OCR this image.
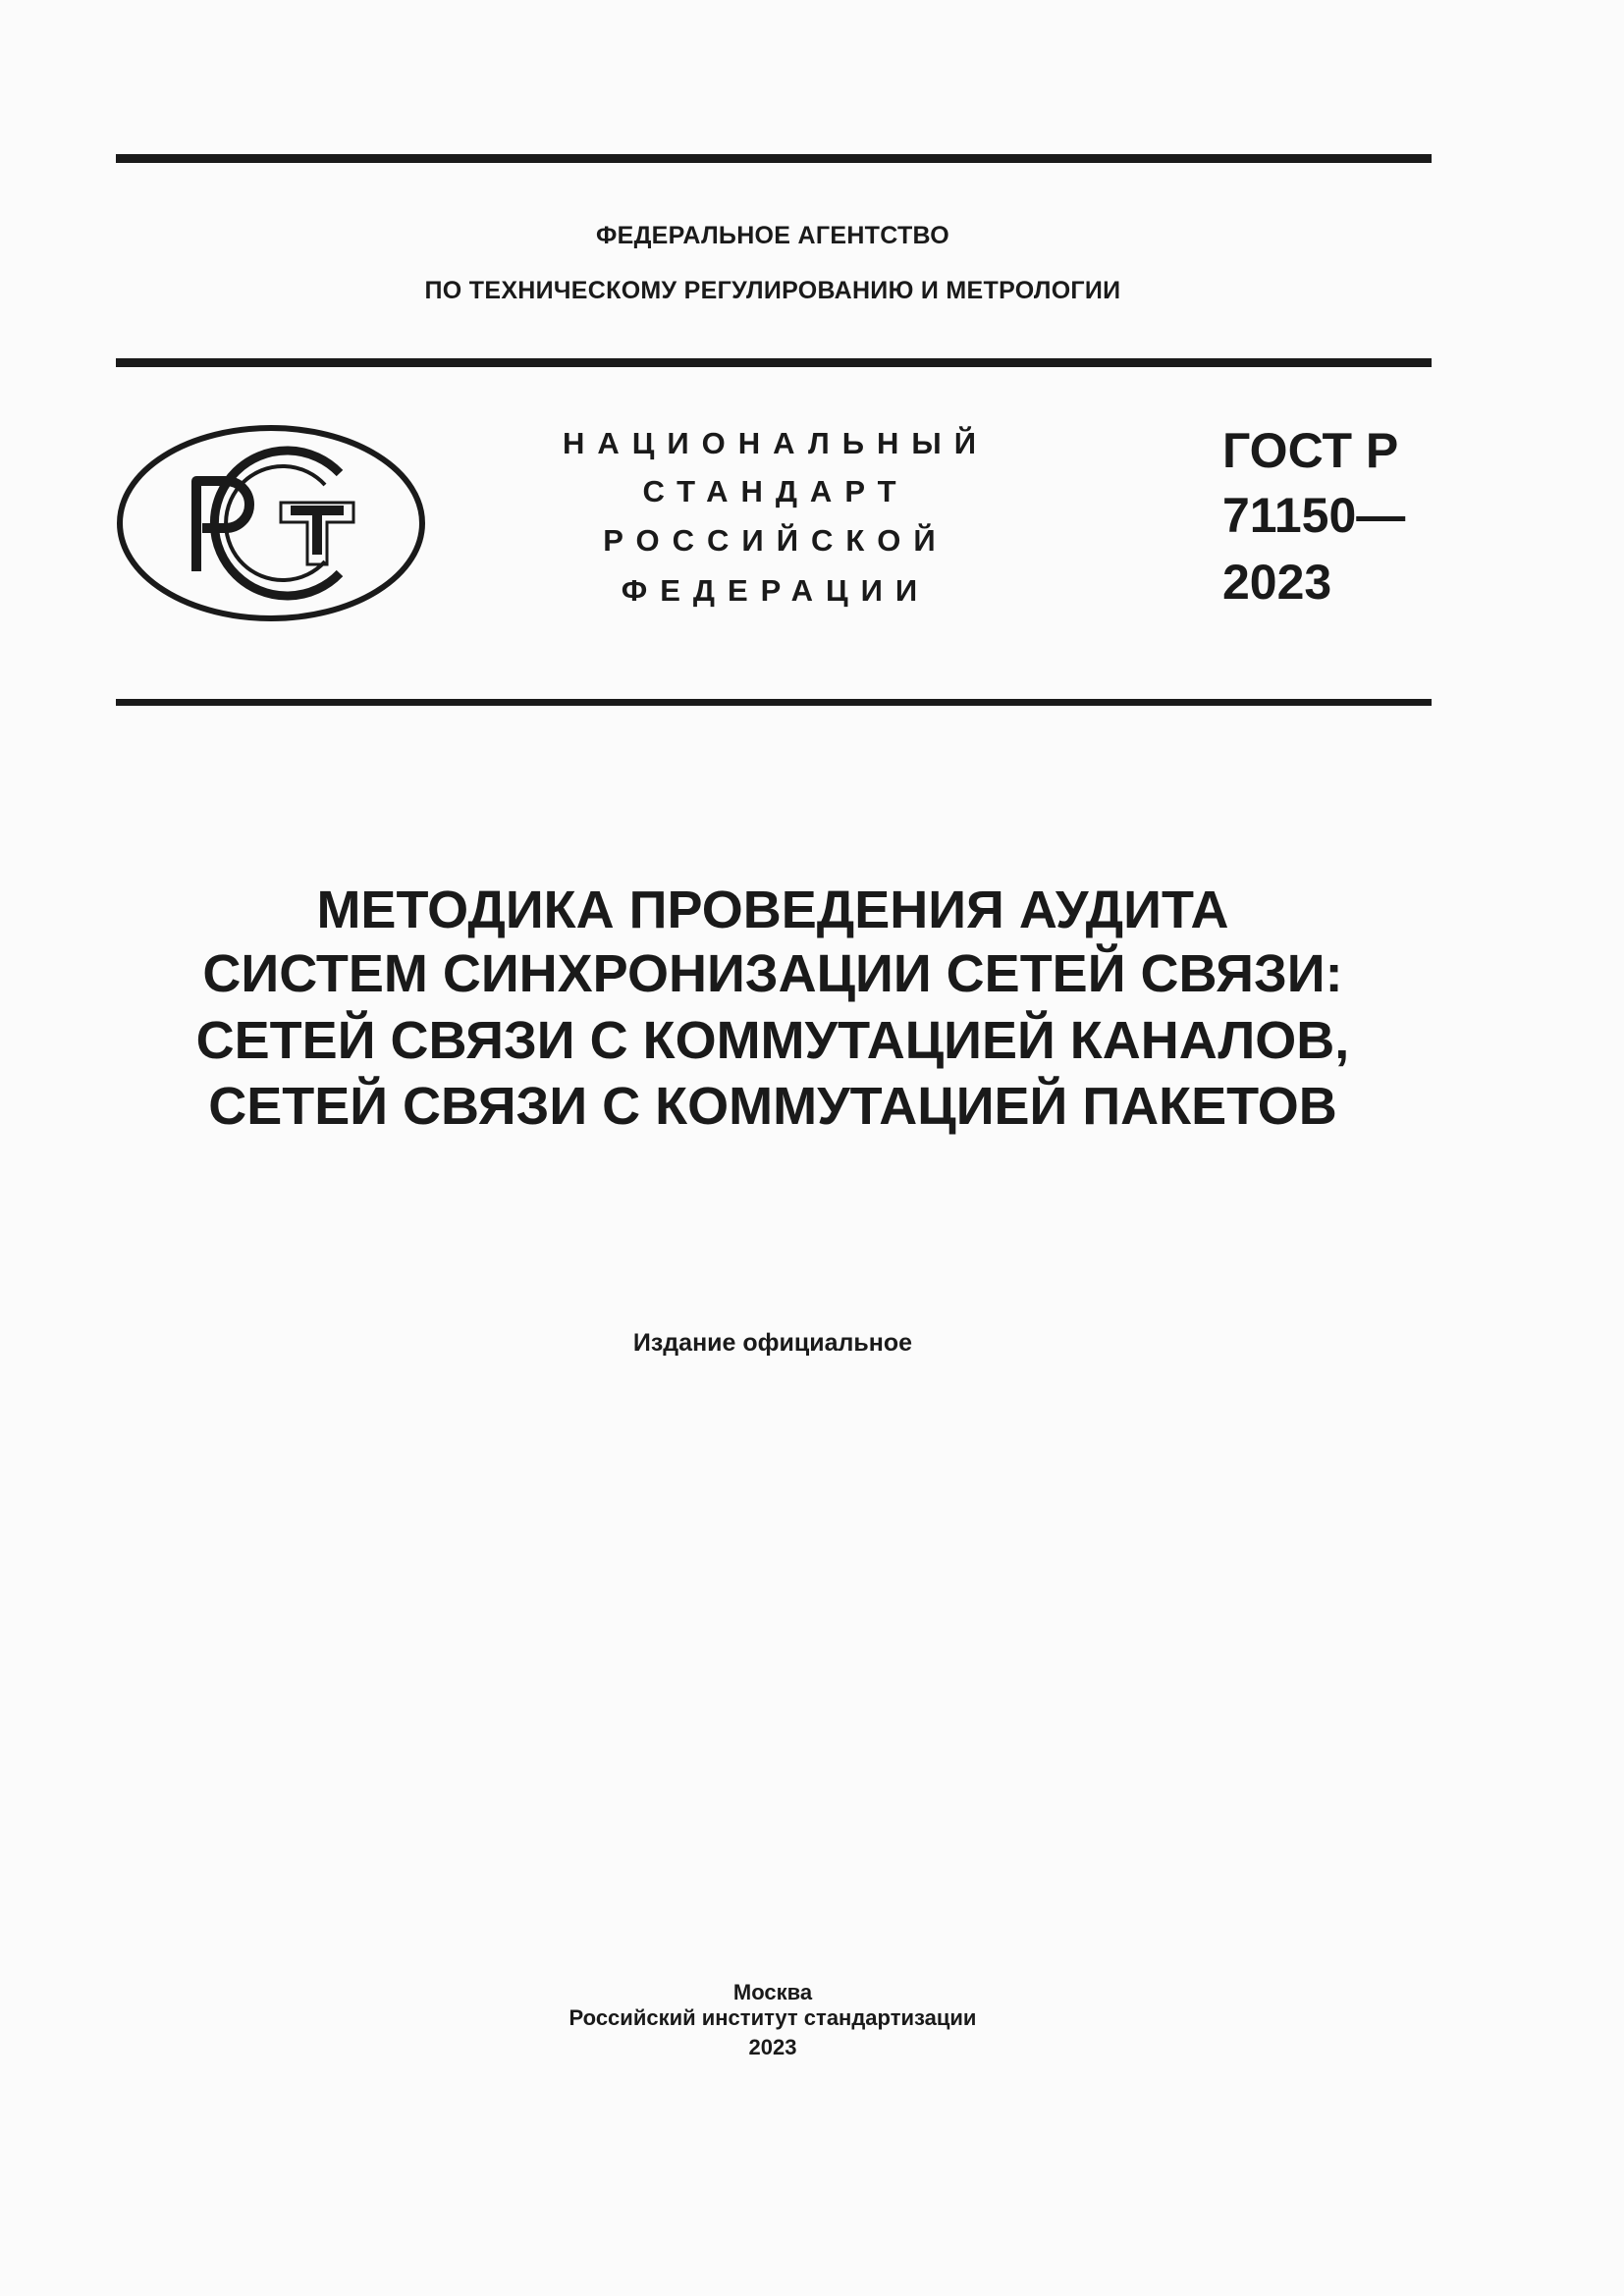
ФЕДЕРАЛЬНОЕ АГЕНТСТВО
ПО ТЕХНИЧЕСКОМУ РЕГУЛИРОВАНИЮ И МЕТРОЛОГИИ
НАЦИОНАЛЬНЫЙ
СТАНДАРТ
РОССИЙСКОЙ
ФЕДЕРАЦИИ
ГОСТ Р
71150—
2023
МЕТОДИКА ПРОВЕДЕНИЯ АУДИТА
СИСТЕМ СИНХРОНИЗАЦИИ СЕТЕЙ СВЯЗИ:
СЕТЕЙ СВЯЗИ С КОММУТАЦИЕЙ КАНАЛОВ,
СЕТЕЙ СВЯЗИ С КОММУТАЦИЕЙ ПАКЕТОВ
Издание официальное
Москва
Российский институт стандартизации
2023
